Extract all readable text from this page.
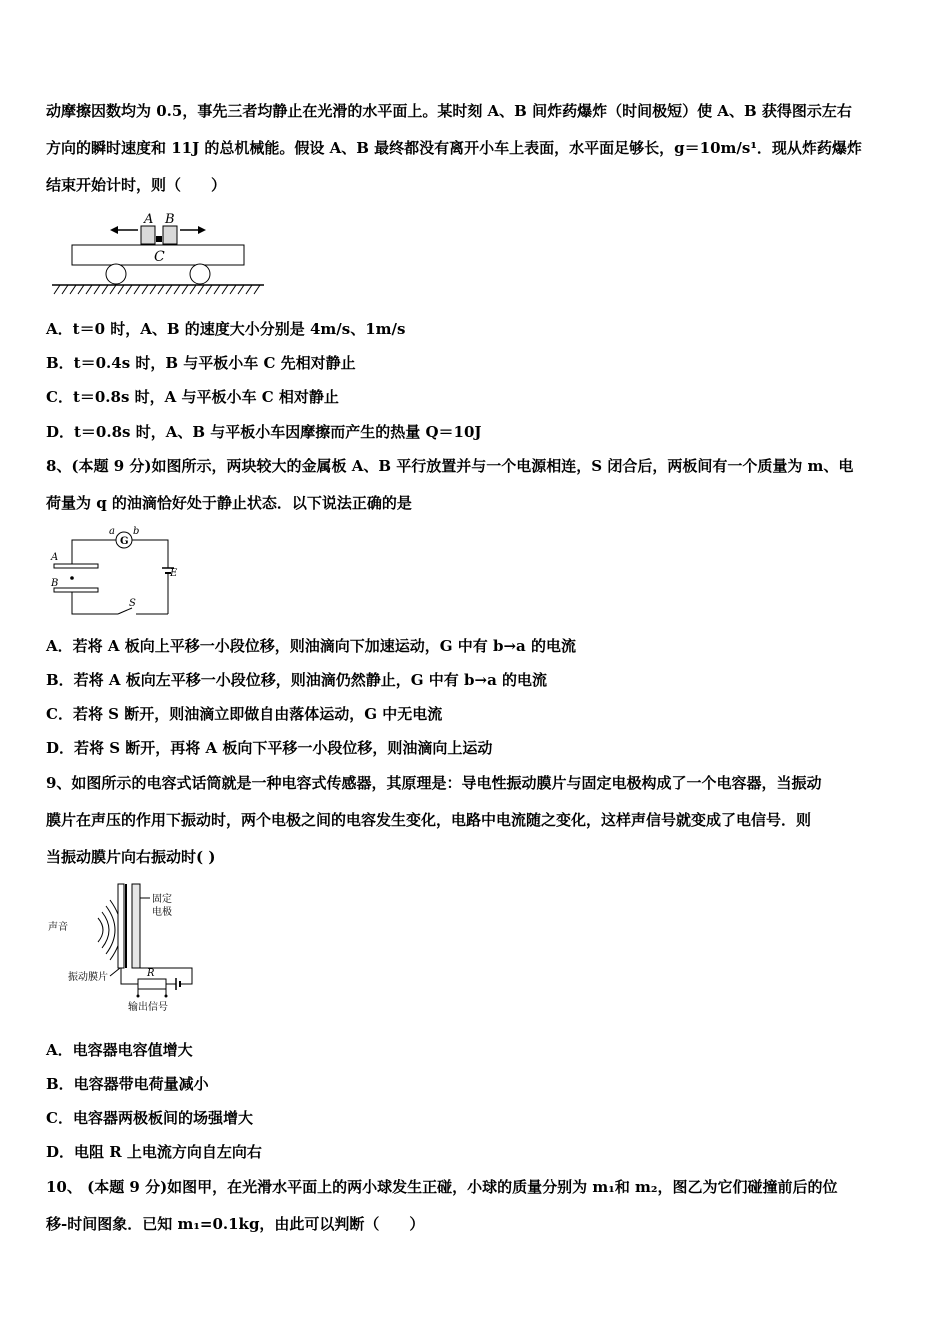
动摩擦因数均为 0.5，事先三者均静止在光滑的水平面上。某时刻 A、B 间炸药爆炸（时间极短）使 A、B 获得图示左右
方向的瞬时速度和 11J 的总机械能。假设 A、B 最终都没有离开小车上表面，水平面足够长，g＝10m/s¹．现从炸药爆炸
结束开始计时，则（　　）
A B
C
A．t＝0 时，A、B 的速度大小分别是 4m/s、1m/s
B．t＝0.4s 时，B 与平板小车 C 先相对静止
C．t＝0.8s 时，A 与平板小车 C 相对静止
D．t＝0.8s 时，A、B 与平板小车因摩擦而产生的热量 Q＝10J
8、(本题 9 分)如图所示，两块较大的金属板 A、B 平行放置并与一个电源相连，S 闭合后，两板间有一个质量为 m、电
荷量为 q 的油滴恰好处于静止状态．以下说法正确的是
G
a b
E
A
B
S
A．若将 A 板向上平移一小段位移，则油滴向下加速运动，G 中有 b→a 的电流
B．若将 A 板向左平移一小段位移，则油滴仍然静止，G 中有 b→a 的电流
C．若将 S 断开，则油滴立即做自由落体运动，G 中无电流
D．若将 S 断开，再将 A 板向下平移一小段位移，则油滴向上运动
9、如图所示的电容式话筒就是一种电容式传感器，其原理是：导电性振动膜片与固定电极构成了一个电容器，当振动
膜片在声压的作用下振动时，两个电极之间的电容发生变化，电路中电流随之变化，这样声信号就变成了电信号．则
当振动膜片向右振动时( )
声音
固定
电极
R
振动膜片
输出信号
A．电容器电容值增大
B．电容器带电荷量减小
C．电容器两极板间的场强增大
D．电阻 R 上电流方向自左向右
10、 (本题 9 分)如图甲，在光滑水平面上的两小球发生正碰，小球的质量分别为 m₁和 m₂，图乙为它们碰撞前后的位
移-时间图象．已知 m₁=0.1kg，由此可以判断（　　）
